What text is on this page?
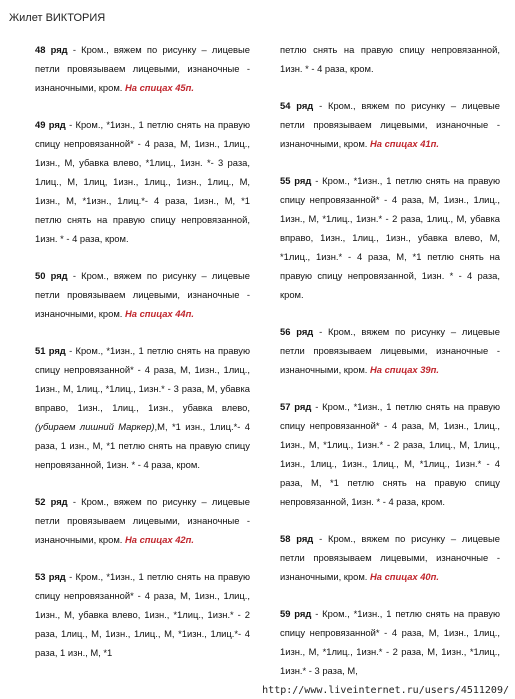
Жилет ВИКТОРИЯ

48 ряд - Кром., вяжем по рисунку – лицевые петли провязываем лицевыми, изнаночные - изнаночными, кром. На спицах 45п.

49 ряд - Кром., *1изн., 1 петлю снять на правую спицу непровязанной* - 4 раза, М, 1изн., 1лиц., 1изн., М, убавка влево, *1лиц., 1изн. *- 3 раза, 1лиц., М, 1лиц, 1изн., 1лиц., 1изн., 1лиц., М, 1изн., М, *1изн., 1лиц.*- 4 раза, 1изн., М, *1 петлю снять на правую спицу непровязанной, 1изн. * - 4 раза, кром.

50 ряд - Кром., вяжем по рисунку – лицевые петли провязываем лицевыми, изнаночные - изнаночными, кром. На спицах 44п.

51 ряд - Кром., *1изн., 1 петлю снять на правую спицу непровязанной* - 4 раза, М, 1изн., 1лиц., 1изн., М, 1лиц., *1лиц., 1изн.* - 3 раза, М, убавка вправо, 1изн., 1лиц., 1изн., убавка влево, (убираем лишний Маркер),М, *1 изн., 1лиц.*- 4 раза, 1 изн., М, *1 петлю снять на правую спицу непровязанной, 1изн. * - 4 раза, кром.

52 ряд - Кром., вяжем по рисунку – лицевые петли провязываем лицевыми, изнаночные - изнаночными, кром. На спицах 42п.

53 ряд - Кром., *1изн., 1 петлю снять на правую спицу непровязанной* - 4 раза, М, 1изн., 1лиц., 1изн., М, убавка влево, 1изн., *1лиц., 1изн.* - 2 раза, 1лиц., М, 1изн., 1лиц., М, *1изн., 1лиц.*- 4 раза, 1 изн., М, *1

петлю снять на правую спицу непровязанной, 1изн. * - 4 раза, кром.

54 ряд - Кром., вяжем по рисунку – лицевые петли провязываем лицевыми, изнаночные - изнаночными, кром. На спицах 41п.

55 ряд - Кром., *1изн., 1 петлю снять на правую спицу непровязанной* - 4 раза, М, 1изн., 1лиц., 1изн., М, *1лиц., 1изн.* - 2 раза, 1лиц., М, убавка вправо, 1изн., 1лиц., 1изн., убавка влево, М, *1лиц., 1изн.* - 4 раза, М, *1 петлю снять на правую спицу непровязанной, 1изн. * - 4 раза, кром.

56 ряд - Кром., вяжем по рисунку – лицевые петли провязываем лицевыми, изнаночные - изнаночными, кром. На спицах 39п.

57 ряд - Кром., *1изн., 1 петлю снять на правую спицу непровязанной* - 4 раза, М, 1изн., 1лиц., 1изн., М, *1лиц., 1изн.* - 2 раза, 1лиц., М, 1лиц., 1изн., 1лиц., 1изн., 1лиц., М, *1лиц., 1изн.* - 4 раза, М, *1 петлю снять на правую спицу непровязанной, 1изн. * - 4 раза, кром.

58 ряд - Кром., вяжем по рисунку – лицевые петли провязываем лицевыми, изнаночные - изнаночными, кром. На спицах 40п.

59 ряд - Кром., *1изн., 1 петлю снять на правую спицу непровязанной* - 4 раза, М, 1изн., 1лиц., 1изн., М, *1лиц., 1изн.* - 2 раза, М, 1изн., *1лиц., 1изн.* - 3 раза, М,

http://www.liveinternet.ru/users/4511209/
